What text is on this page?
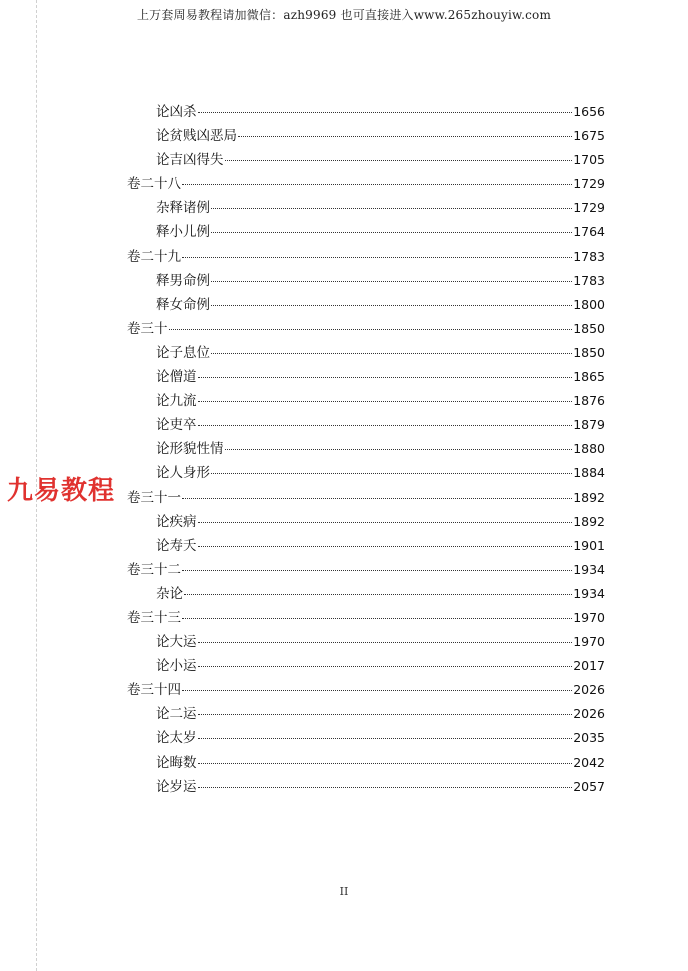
上万套周易教程请加微信：azh9969 也可直接进入www.265zhouyiw.com
论凶杀	1656
论贫贱凶恶局	1675
论吉凶得失	1705
卷二十八	1729
杂释诸例	1729
释小儿例	1764
卷二十九	1783
释男命例	1783
释女命例	1800
卷三十	1850
论子息位	1850
论僧道	1865
论九流	1876
论吏卒	1879
论形貌性情	1880
论人身形	1884
卷三十一	1892
论疾病	1892
论寿夭	1901
卷三十二	1934
杂论	1934
卷三十三	1970
论大运	1970
论小运	2017
卷三十四	2026
论二运	2026
论太岁	2035
论晦数	2042
论岁运	2057
九易教程
II
